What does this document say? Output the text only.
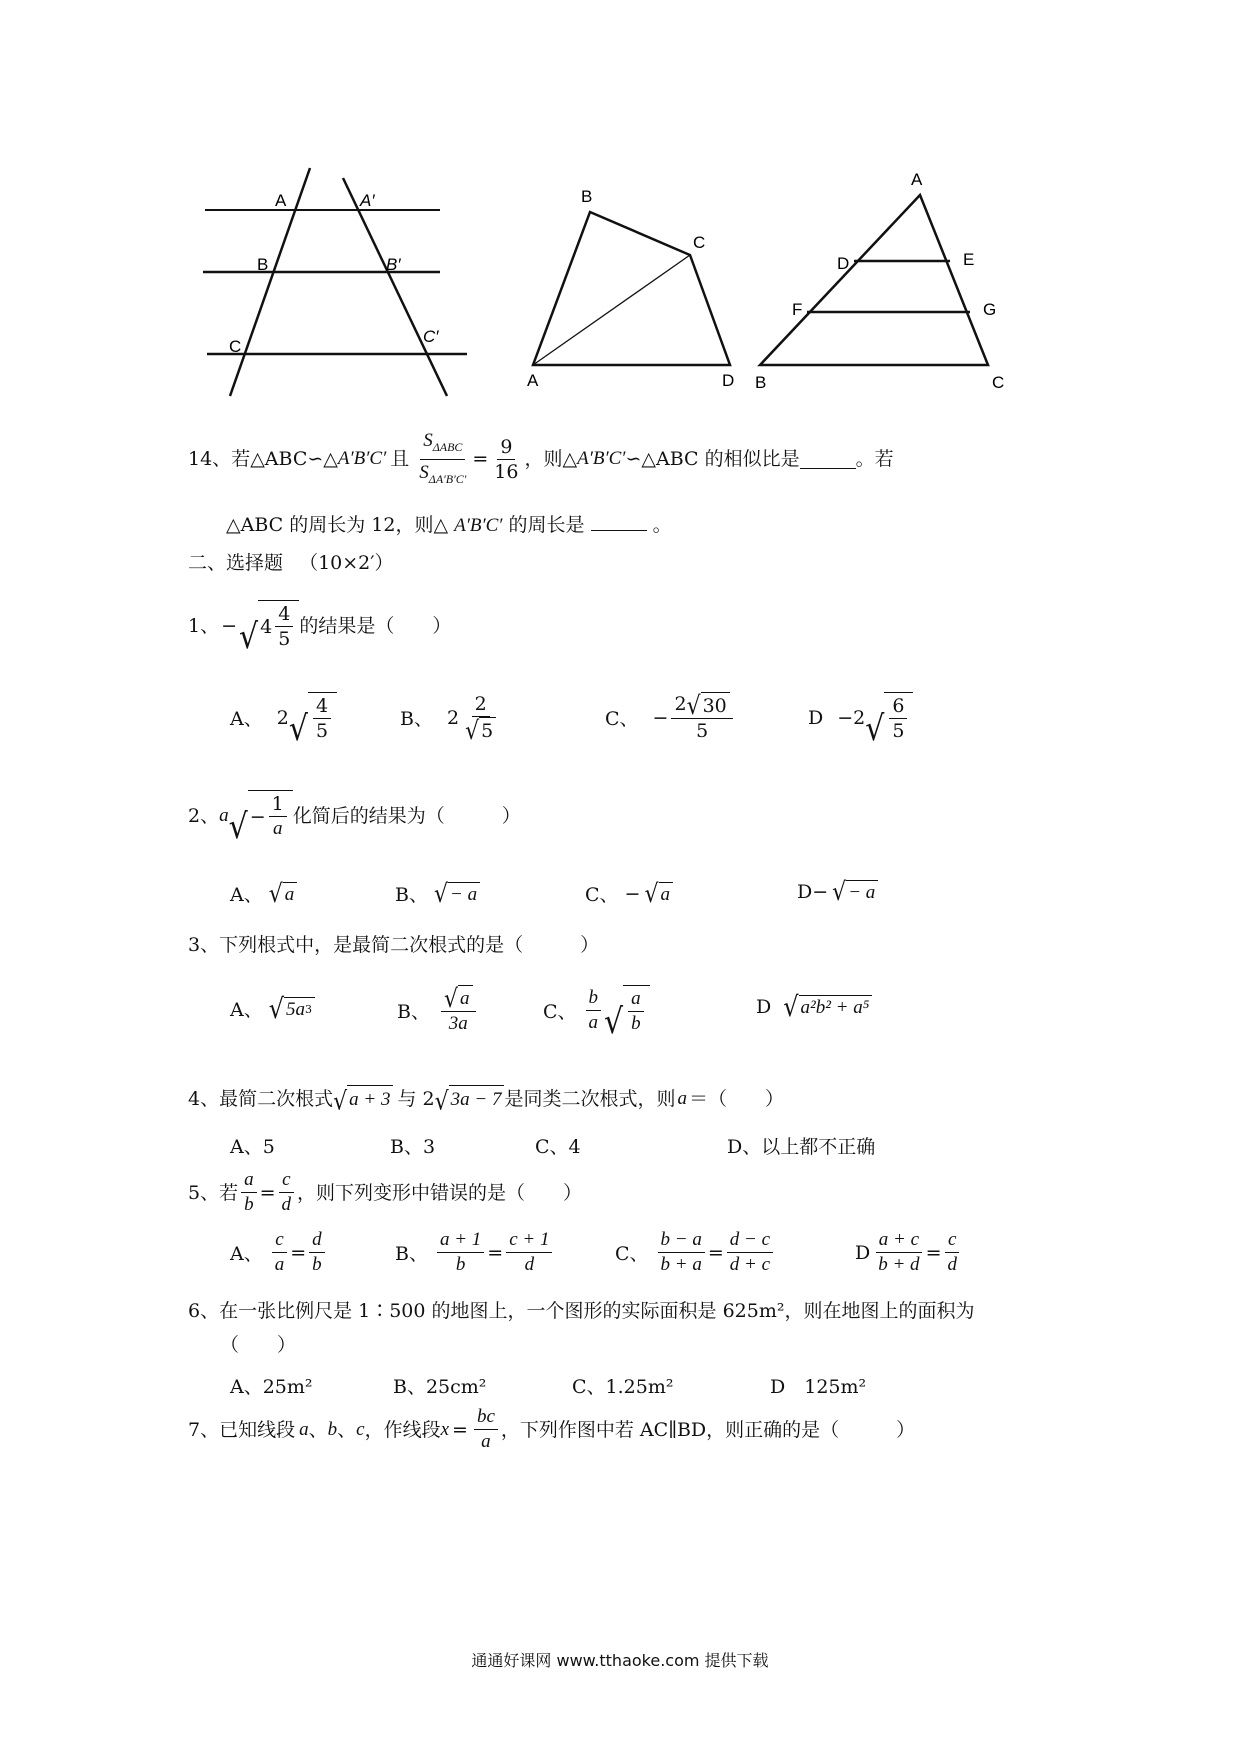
A	A′
B	B′
C
C′
B
C
A	D
A
D	E
F	G
B	C
14、 若△ABC∽△ A′B′C′ 且
$S_{\Delta ABC}$
$S_{\Delta A'B'C'}$
= $\frac{9}{16}$ ，则△ A′B′C′ ∽△ABC 的相似比是	。若
△ABC 的周长为 12，则△ A′B′C′ 的周长是	。
二、选择题 （10×2′）
1、 − √ 4
4
5
的结果是（　　）
A、 2 √
4
5
B、 2
2
√ 5
C、 − $\frac{2 √ 30}{5}$	D −2 √
6
5
2、 a √ − $\frac{1}{a}$ 化简后的结果为（　　　）
A、 √ a	B、 √ − a	C、 − √ a	D− √ − a
3、下列根式中，是最简二次根式的是（　　　）
A、 √ 5a 3	B、 √ a
3a
C、
b
a √
a
b
D √ a²b² + a⁵
4、 最简二次根式 √ a + 3 与 2 √ 3a − 7 是同类二次根式，则 a ＝（　　）
A、5	B、3	C、4	D、以上都不正确
5、 若 $\frac{a}{b} = \frac{c}{d}$ ，则下列变形中错误的是（　　）
A、
c
a
=
d
b	B、
a + 1
b
=
c + 1
d	C、
b − a
b + a
=
d − c
d + c
D
a + c
b + d
=
c
d
6、在一张比例尺是 1∶500 的地图上，一个图形的实际面积是 625m²，则在地图上的面积为
（　　）
A、25m²	B、25cm²	C、1.25m²	D　125m²
7、 已知线段 a 、 b 、 c ，作线段 $x = \frac{bc}{a}$ ，下列作图中若 AC∥BD，则正确的是（　　　）
通通好课网 www.tthaoke.com 提供下载
